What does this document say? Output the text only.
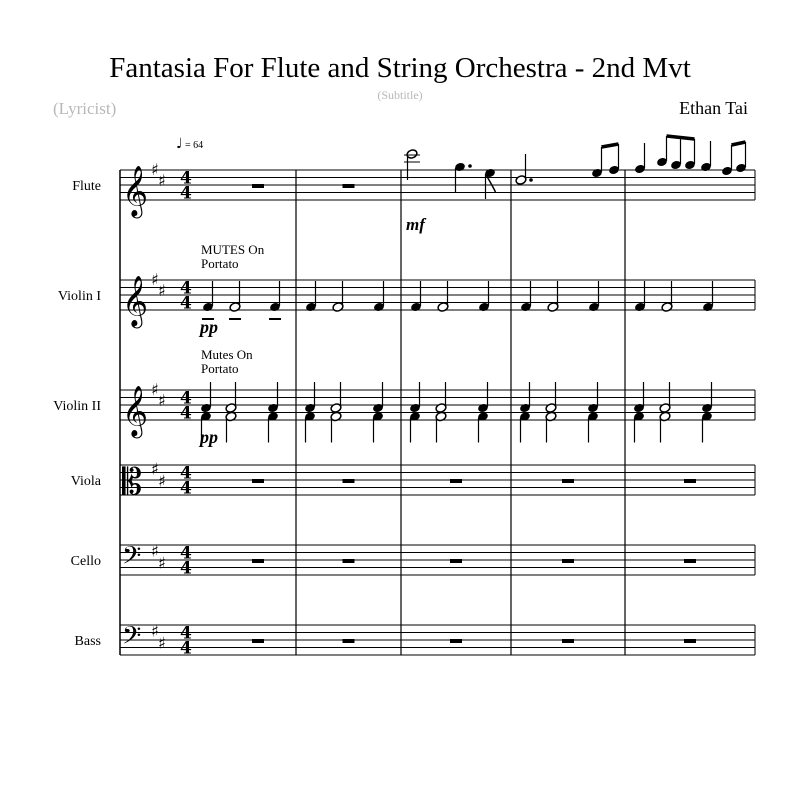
Fantasia For Flute and String Orchestra - 2nd Mvt
(Subtitle)
(Lyricist)	Ethan Tai
♩ = 64
Flute 𝄞 ♯
♯ 4
4
Violin I 𝄞 ♯
♯ 4
4
Violin II 𝄞 ♯
♯ 4
4
Viola 𝄡 ♯
♯ 4
4
Cello 𝄢 ♯
♯ 4
4
Bass 𝄢 ♯
♯ 4
4
MUTES On
Portato
Mutes On
Portato
mf
pp
pp
